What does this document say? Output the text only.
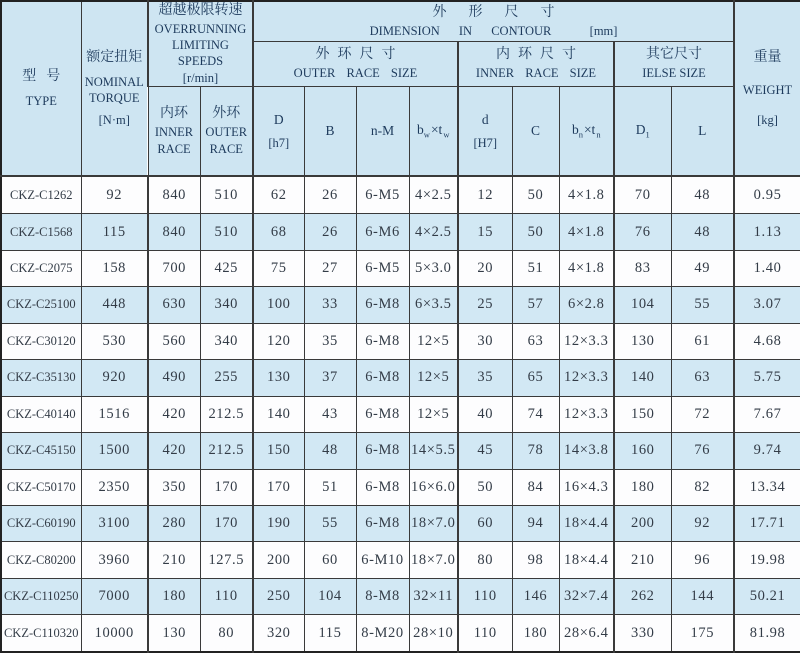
型号
TYPE

额定扭矩
NOMINAL
TORQUE
[N·m]

超越极限转速
OVERRUNNING
LIMITING SPEEDS
[r/min]

外形尺寸
DIMENSION IN CONTOUR	[mm]

重量
WEIGHT
[kg]

外环尺寸
OUTER RACE SIZE

内环尺寸
INNER RACE SIZE

其它尺寸
IELSE SIZE

内环
INNER
RACE

外环
OUTER
RACE

D
[h7]

B	n-M	$b_w\times t_w$

d
[H7]

C	$b_n\times t_n$	$D_1$	L

CKZ-C1262	92	840	510	62	26	6-M5	4×2.5	12	50	4×1.8	70	48	0.95
CKZ-C1568	115	840	510	68	26	6-M6	4×2.5	15	50	4×1.8	76	48	1.13
CKZ-C2075	158	700	425	75	27	6-M5	5×3.0	20	51	4×1.8	83	49	1.40
CKZ-C25100	448	630	340	100	33	6-M8	6×3.5	25	57	6×2.8	104	55	3.07
CKZ-C30120	530	560	340	120	35	6-M8	12×5	30	63	12×3.3	130	61	4.68
CKZ-C35130	920	490	255	130	37	6-M8	12×5	35	65	12×3.3	140	63	5.75
CKZ-C40140	1516	420	212.5	140	43	6-M8	12×5	40	74	12×3.3	150	72	7.67
CKZ-C45150	1500	420	212.5	150	48	6-M8	14×5.5	45	78	14×3.8	160	76	9.74
CKZ-C50170	2350	350	170	170	51	6-M8	16×6.0	50	84	16×4.3	180	82	13.34
CKZ-C60190	3100	280	170	190	55	6-M8	18×7.0	60	94	18×4.4	200	92	17.71
CKZ-C80200	3960	210	127.5	200	60	6-M10	18×7.0	80	98	18×4.4	210	96	19.98
CKZ-C110250	7000	180	110	250	104	8-M8	32×11	110	146	32×7.4	262	144	50.21
CKZ-C110320	10000	130	80	320	115	8-M20	28×10	110	180	28×6.4	330	175	81.98
